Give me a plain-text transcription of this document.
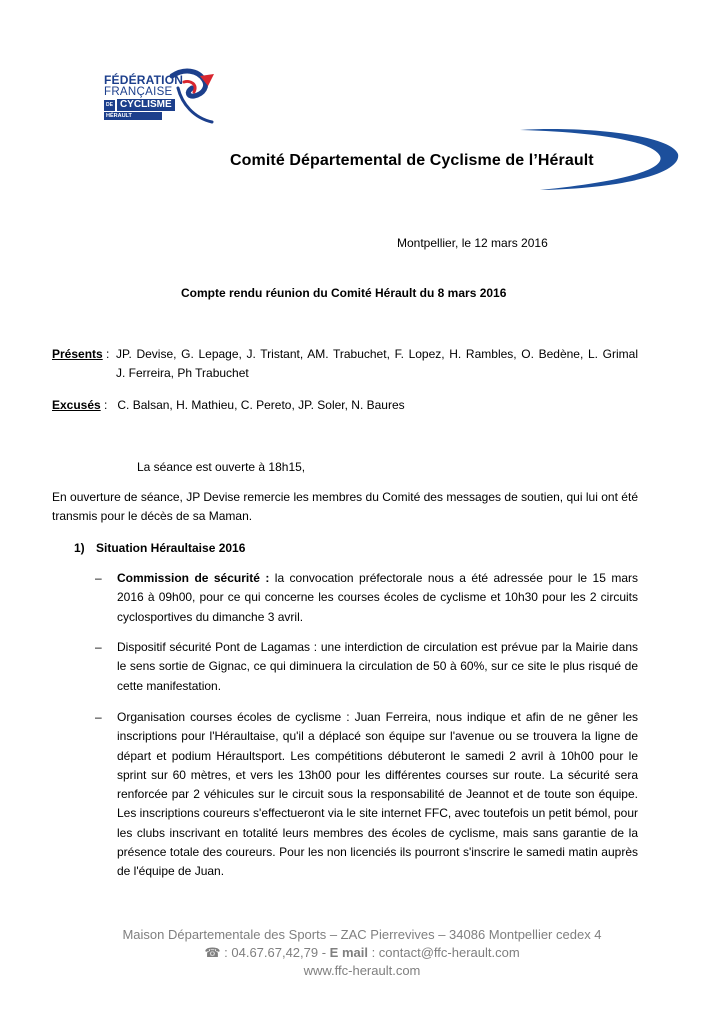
FÉDÉRATION
FRANÇAISE
DE CYCLISME
HÉRAULT
Comité Départemental de Cyclisme de l’Hérault
Montpellier, le 12 mars 2016
Compte rendu réunion du Comité Hérault du 8 mars 2016
Présents : JP. Devise, G. Lepage, J. Tristant, AM. Trabuchet, F. Lopez, H. Rambles, O. Bedène, L. Grimal
J. Ferreira, Ph Trabuchet
Excusés : C. Balsan, H. Mathieu, C. Pereto, JP. Soler, N. Baures
La séance est ouverte à 18h15,
En ouverture de séance, JP Devise remercie les membres du Comité des messages de soutien, qui lui ont été transmis pour le décès de sa Maman.
1) Situation Héraultaise 2016
–	Commission de sécurité : la convocation préfectorale nous a été adressée pour le 15 mars 2016 à 09h00, pour ce qui concerne les courses écoles de cyclisme et 10h30 pour les 2 circuits cyclosportives du dimanche 3 avril.
–	Dispositif sécurité Pont de Lagamas : une interdiction de circulation est prévue par la Mairie dans le sens sortie de Gignac, ce qui diminuera la circulation de 50 à 60%, sur ce site le plus risqué de cette manifestation.
–	Organisation courses écoles de cyclisme : Juan Ferreira, nous indique et afin de ne gêner les inscriptions pour l'Héraultaise, qu'il a déplacé son équipe sur l'avenue ou se trouvera la ligne de départ et podium Héraultsport. Les compétitions débuteront le samedi 2 avril à 10h00 pour le sprint sur 60 mètres, et vers les 13h00 pour les différentes courses sur route. La sécurité sera renforcée par 2 véhicules sur le circuit sous la responsabilité de Jeannot et de toute son équipe. Les inscriptions coureurs s'effectueront via le site internet FFC, avec toutefois un petit bémol, pour les clubs inscrivant en totalité leurs membres des écoles de cyclisme, mais sans garantie de la présence totale des coureurs. Pour les non licenciés ils pourront s'inscrire le samedi matin auprès de l'équipe de Juan.
Maison Départementale des Sports – ZAC Pierrevives – 34086 Montpellier cedex 4
☎ : 04.67.67,42,79 - E mail : contact@ffc-herault.com
www.ffc-herault.com
